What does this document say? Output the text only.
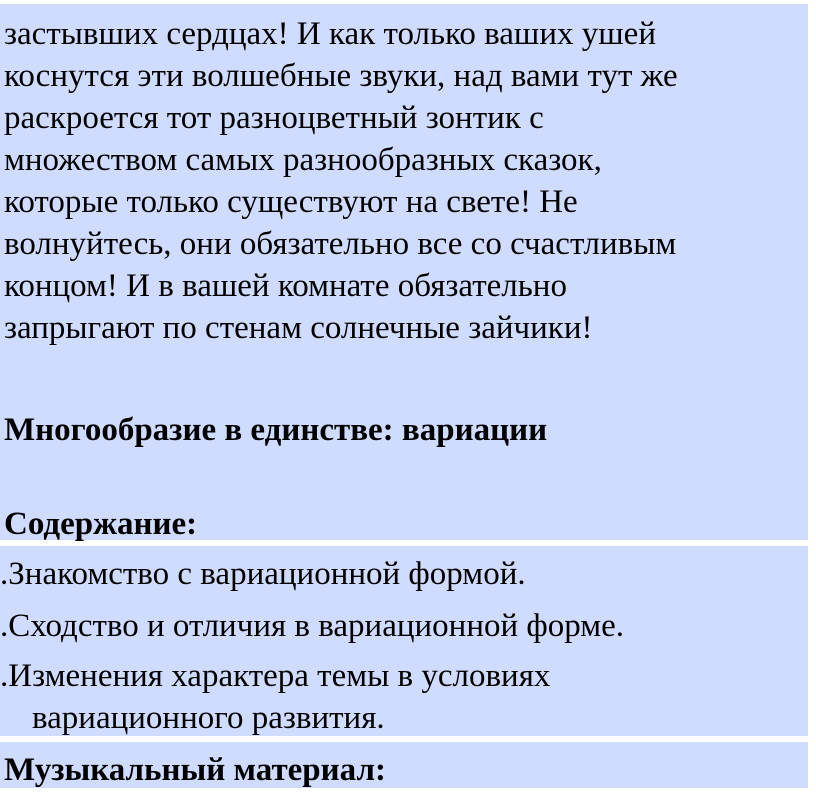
застывших сердцах! И как только ваших ушей
коснутся эти волшебные звуки, над вами тут же
раскроется тот разноцветный зонтик с
множеством самых разнообразных сказок,
которые только существуют на свете! Не
волнуйтесь, они обязательно все со счастливым
концом! И в вашей комнате обязательно
запрыгают по стенам солнечные зайчики!
Многообразие в единстве: вариации
Содержание:
.Знакомство с вариационной формой.
.Сходство и отличия в вариационной форме.
.Изменения характера темы в условиях
вариационного развития.
Музыкальный материал:
